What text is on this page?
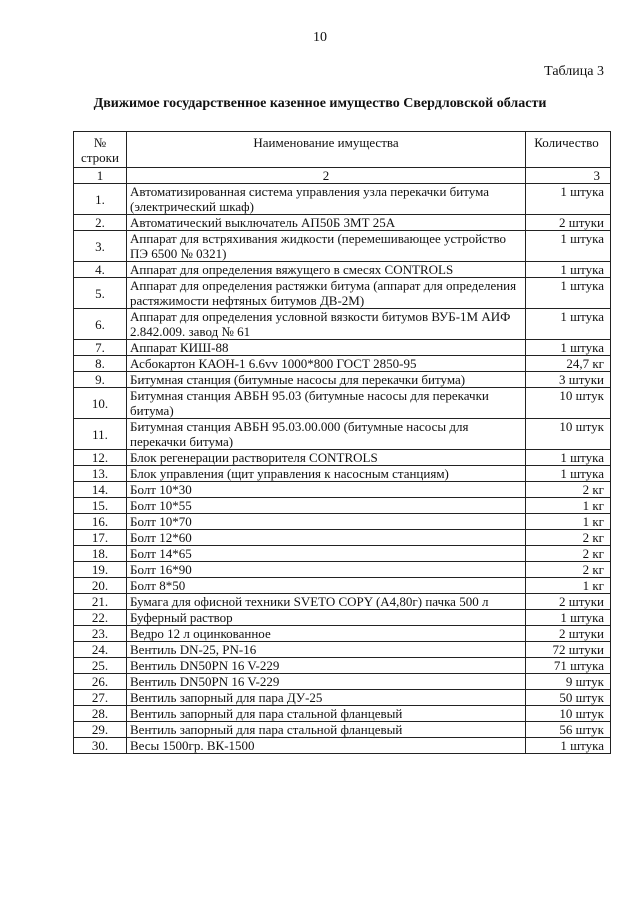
10
Таблица 3
Движимое государственное казенное имущество Свердловской области
№
строки	Наименование имущества	Количество
1	2	3
1.	Автоматизированная система управления узла перекачки битума (электрический шкаф)	1 штука
2.	Автоматический выключатель АП50Б 3МТ 25А	2 штуки
3.	Аппарат для встряхивания жидкости (перемешивающее устройство ПЭ 6500 № 0321)	1 штука
4.	Аппарат для определения вяжущего в смесях CONTROLS	1 штука
5.	Аппарат для определения растяжки битума (аппарат для определения растяжимости нефтяных битумов ДВ-2М)	1 штука
6.	Аппарат для определения условной вязкости битумов ВУБ-1М АИФ 2.842.009. завод № 61	1 штука
7.	Аппарат КИШ-88	1 штука
8.	Асбокартон КАОН-1 6.6vv 1000*800 ГОСТ 2850-95	24,7 кг
9.	Битумная станция (битумные насосы для перекачки битума)	3 штуки
10.	Битумная станция АВБН 95.03 (битумные насосы для перекачки битума)	10 штук
11.	Битумная станция АВБН 95.03.00.000 (битумные насосы для перекачки битума)	10 штук
12.	Блок регенерации растворителя CONTROLS	1 штука
13.	Блок управления (щит управления к насосным станциям)	1 штука
14.	Болт 10*30	2 кг
15.	Болт 10*55	1 кг
16.	Болт 10*70	1 кг
17.	Болт 12*60	2 кг
18.	Болт 14*65	2 кг
19.	Болт 16*90	2 кг
20.	Болт 8*50	1 кг
21.	Бумага для офисной техники SVETO COPY (А4,80г) пачка 500 л	2 штуки
22.	Буферный раствор	1 штука
23.	Ведро 12 л оцинкованное	2 штуки
24.	Вентиль DN-25, PN-16	72 штуки
25.	Вентиль DN50PN 16 V-229	71 штука
26.	Вентиль DN50PN 16 V-229	9 штук
27.	Вентиль запорный для пара ДУ-25	50 штук
28.	Вентиль запорный для пара стальной фланцевый	10 штук
29.	Вентиль запорный для пара стальной фланцевый	56 штук
30.	Весы 1500гр. ВК-1500	1 штука
